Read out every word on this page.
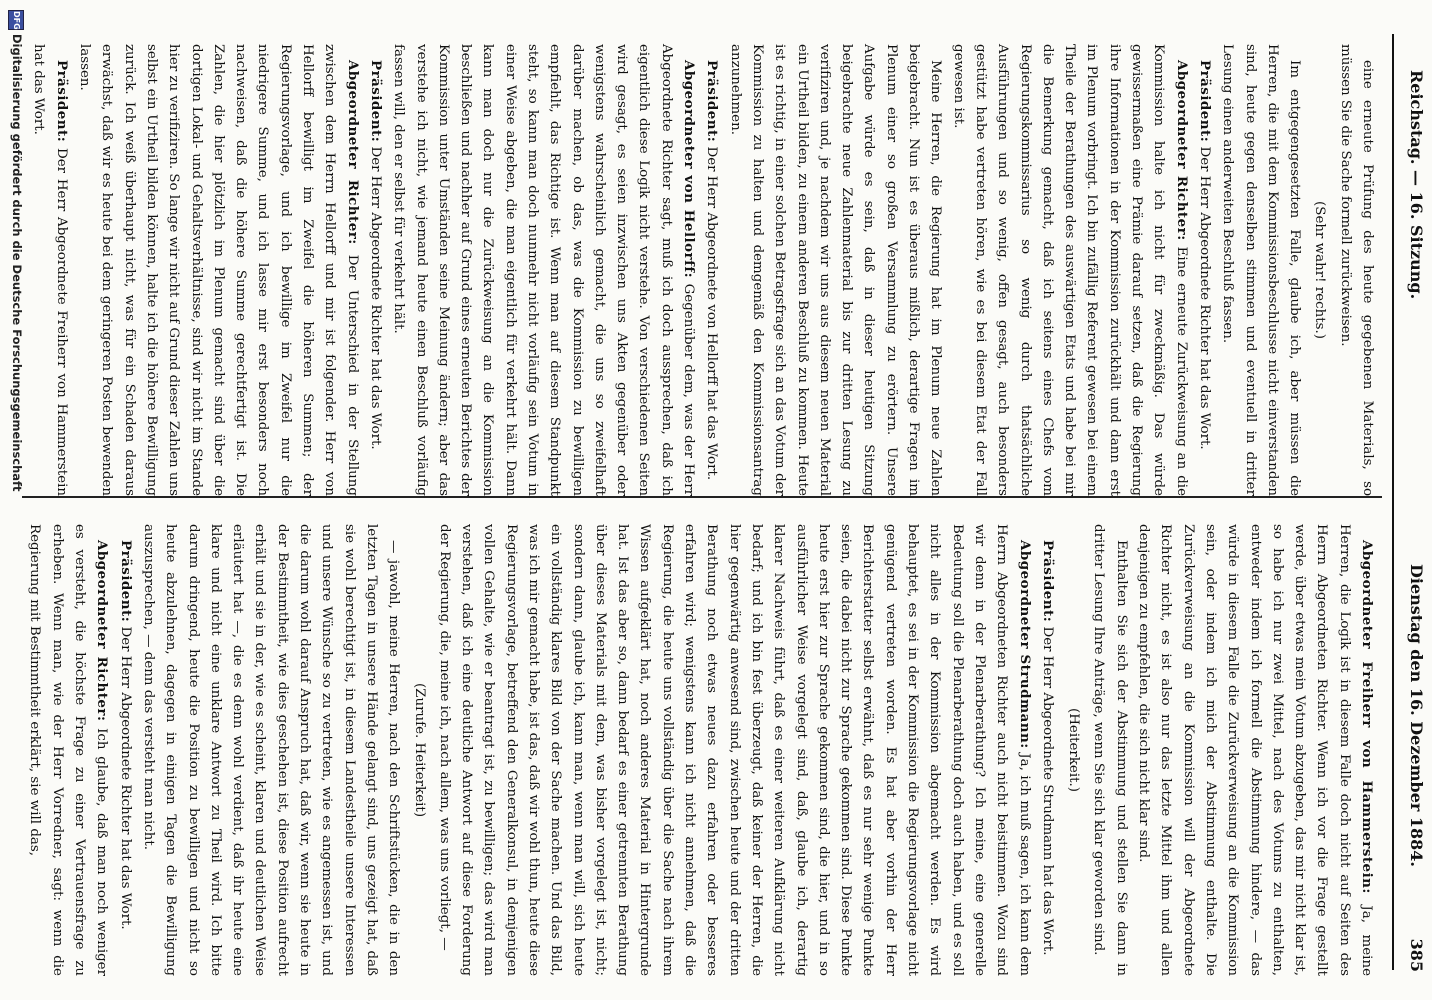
Reichstag. — 16. Sitzung.
Dienstag den 16. Dezember 1884.
385

eine erneute Prüfung des heute gegebenen Materials, so müssen Sie die Sache formell zurückweisen.

(Sehr wahr! rechts.)

Im entgegengesetzten Falle, glaube ich, aber müssen die Herren, die mit dem Kommissionsbeschlusse nicht einverstanden sind, heute gegen denselben stimmen und eventuell in dritter Lesung einen anderweiten Beschluß fassen.

Präsident: Der Herr Abgeordnete Richter hat das Wort.

Abgeordneter Richter: Eine erneute Zurückweisung an die Kommission halte ich nicht für zweckmäßig. Das würde gewissermaßen eine Prämie darauf setzen, daß die Regierung ihre Informationen in der Kommission zurückhält und dann erst im Plenum vorbringt. Ich bin zufällig Referent gewesen bei einem Theile der Berathungen des auswärtigen Etats und habe bei mir die Bemerkung gemacht, daß ich seitens eines Chefs vom Regierungskommissarius so wenig durch thatsächliche Ausführungen und so wenig, offen gesagt, auch besonders gestützt habe vertreten hören, wie es bei diesem Etat der Fall gewesen ist.

Meine Herren, die Regierung hat im Plenum neue Zahlen beigebracht. Nun ist es überaus mißlich, derartige Fragen im Plenum einer so großen Versammlung zu erörtern. Unsere Aufgabe würde es sein, daß in dieser heutigen Sitzung beigebrachte neue Zahlenmaterial bis zur dritten Lesung zu verifiziren und, je nachdem wir uns aus diesem neuen Material ein Urtheil bilden, zu einem anderen Beschluß zu kommen. Heute ist es richtig, in einer solchen Betragsfrage sich an das Votum der Kommission zu halten und demgemäß den Kommissionsantrag anzunehmen.

Präsident: Der Herr Abgeordnete von Hellorff hat das Wort.

Abgeordneter von Hellorff: Gegenüber dem, was der Herr Abgeordnete Richter sagt, muß ich doch aussprechen, daß ich eigentlich diese Logik nicht verstehe. Von verschiedenen Seiten wird gesagt, es seien inzwischen uns Akten gegenüber oder wenigstens wahrscheinlich gemacht, die uns so zweifelhaft darüber machen, ob das, was die Kommission zu bewilligen empfiehlt, das Richtige ist. Wenn man auf diesem Standpunkt steht, so kann man doch nunmehr nicht vorläufig sein Votum in einer Weise abgeben, die man eigentlich für verkehrt hält. Dann kann man doch nur die Zurückweisung an die Kommission beschließen und nachher auf Grund eines erneuten Berichtes der Kommission unter Umständen seine Meinung ändern; aber das verstehe ich nicht, wie jemand heute einen Beschluß vorläufig fassen will, den er selbst für verkehrt hält.

Präsident: Der Herr Abgeordnete Richter hat das Wort.

Abgeordneter Richter: Der Unterschied in der Stellung zwischen dem Herrn Hellorff und mir ist folgender. Herr von Hellorff bewilligt im Zweifel die höheren Summen; der Regierungsvorlage, und ich bewillige im Zweifel nur die niedrigere Summe, und ich lasse mir erst besonders noch nachweisen, daß die höhere Summe gerechtfertigt ist. Die Zahlen, die hier plötzlich im Plenum gemacht sind über die dortigen Lokal- und Gehaltsverhältnisse, sind wir nicht im Stande hier zu verifiziren. So lange wir nicht auf Grund dieser Zahlen uns selbst ein Urtheil bilden können, halte ich die höhere Bewilligung zurück. Ich weiß überhaupt nicht, was für ein Schaden daraus erwächst, daß wir es heute bei dem geringeren Posten bewenden lassen.

Präsident: Der Herr Abgeordnete Freiherr von Hammerstein hat das Wort.

Abgeordneter Freiherr von Hammerstein: Ja, meine Herren, die Logik ist in diesem Falle doch nicht auf Seiten des Herrn Abgeordneten Richter. Wenn ich vor die Frage gestellt werde, über etwas mein Votum abzugeben, das mir nicht klar ist, so habe ich nur zwei Mittel, nach des Votums zu enthalten, entweder indem ich formell die Abstimmung hindere, — das würde in diesem Falle die Zurückverweisung an die Kommission sein, oder indem ich mich der Abstimmung enthalte. Die Zurückverweisung an die Kommission will der Abgeordnete Richter nicht, es ist also nur das letzte Mittel ihm und allen denjenigen zu empfehlen, die sich nicht klar sind.

Enthalten Sie sich der Abstimmung und stellen Sie dann in dritter Lesung Ihre Anträge, wenn Sie sich klar geworden sind.

(Heiterkeit.)

Präsident: Der Herr Abgeordnete Strudmann hat das Wort.

Abgeordneter Strudmann: Ja, ich muß sagen, ich kann dem Herrn Abgeordneten Richter auch nicht beistimmen. Wozu sind wir denn in der Plenarberathung? Ich meine, eine generelle Bedeutung soll die Plenarberathung doch auch haben, und es soll nicht alles in der Kommission abgemacht werden. Es wird behauptet, es sei in der Kommission die Regierungsvorlage nicht genügend vertreten worden. Es hat aber vorhin der Herr Berichterstatter selbst erwähnt, daß es nur sehr wenige Punkte seien, die dabei nicht zur Sprache gekommen sind. Diese Punkte heute erst hier zur Sprache gekommen sind, die hier, und in so ausführlicher Weise vorgelegt sind, daß, glaube ich, derartig klarer Nachweis führt, daß es einer weiteren Aufklärung nicht bedarf; und ich bin fest überzeugt, daß keiner der Herren, die hier gegenwärtig anwesend sind, zwischen heute und der dritten Berathung noch etwas neues dazu erfahren oder besseres erfahren wird; wenigstens kann ich nicht annehmen, daß die Regierung, die heute uns vollständig über die Sache nach ihrem Wissen aufgeklärt hat, noch anderes Material in Hintergrunde hat. Ist das aber so, dann bedarf es einer getrennten Berathung über dieses Materials mit dem, was bisher vorgelegt ist, nicht; sondern dann, glaube ich, kann man, wenn man will, sich heute ein vollständig klares Bild von der Sache machen. Und das Bild, was ich mir gemacht habe, ist das, daß wir wohl thun, heute diese Regierungsvorlage, betreffend den Generalkonsul, in demjenigen vollen Gehalte, wie er beantragt ist, zu bewilligen; das wird man verstehen, daß ich eine deutliche Antwort auf diese Forderung der Regierung, die, meine ich, nach allem, was uns vorliegt, —

(Zurufe. Heiterkeit)

— jawohl, meine Herren, nach den Schriftstücken, die in den letzten Tagen in unsere Hände gelangt sind, uns gezeigt hat, daß sie wohl berechtigt ist, in diesem Landestheile unsere Interessen und unsere Wünsche so zu vertreten, wie es angemessen ist, und die darum wohl darauf Anspruch hat, daß wir, wenn sie heute in der Bestimmtheit, wie dies geschehen ist, diese Position aufrecht erhält und sie in der, wie es scheint, klaren und deutlichen Weise erläutert hat —, die es denn wohl verdient, daß ihr heute eine klare und nicht eine unklare Antwort zu Theil wird. Ich bitte darum dringend, heute die Position zu bewilligen und nicht so heute abzulehnen, dagegen in einigen Tagen die Bewilligung auszusprechen, — denn das versteht man nicht.

Präsident: Der Herr Abgeordnete Richter hat das Wort.

Abgeordneter Richter: Ich glaube, daß man noch weniger es versteht, die höchste Frage zu einer Vertrauensfrage zu erheben. Wenn man, wie der Herr Vorredner, sagt: wenn die Regierung mit Bestimmtheit erklärt, sie will das,

DFG
Digitalisierung gefördert durch die Deutsche Forschungsgemeinschaft
